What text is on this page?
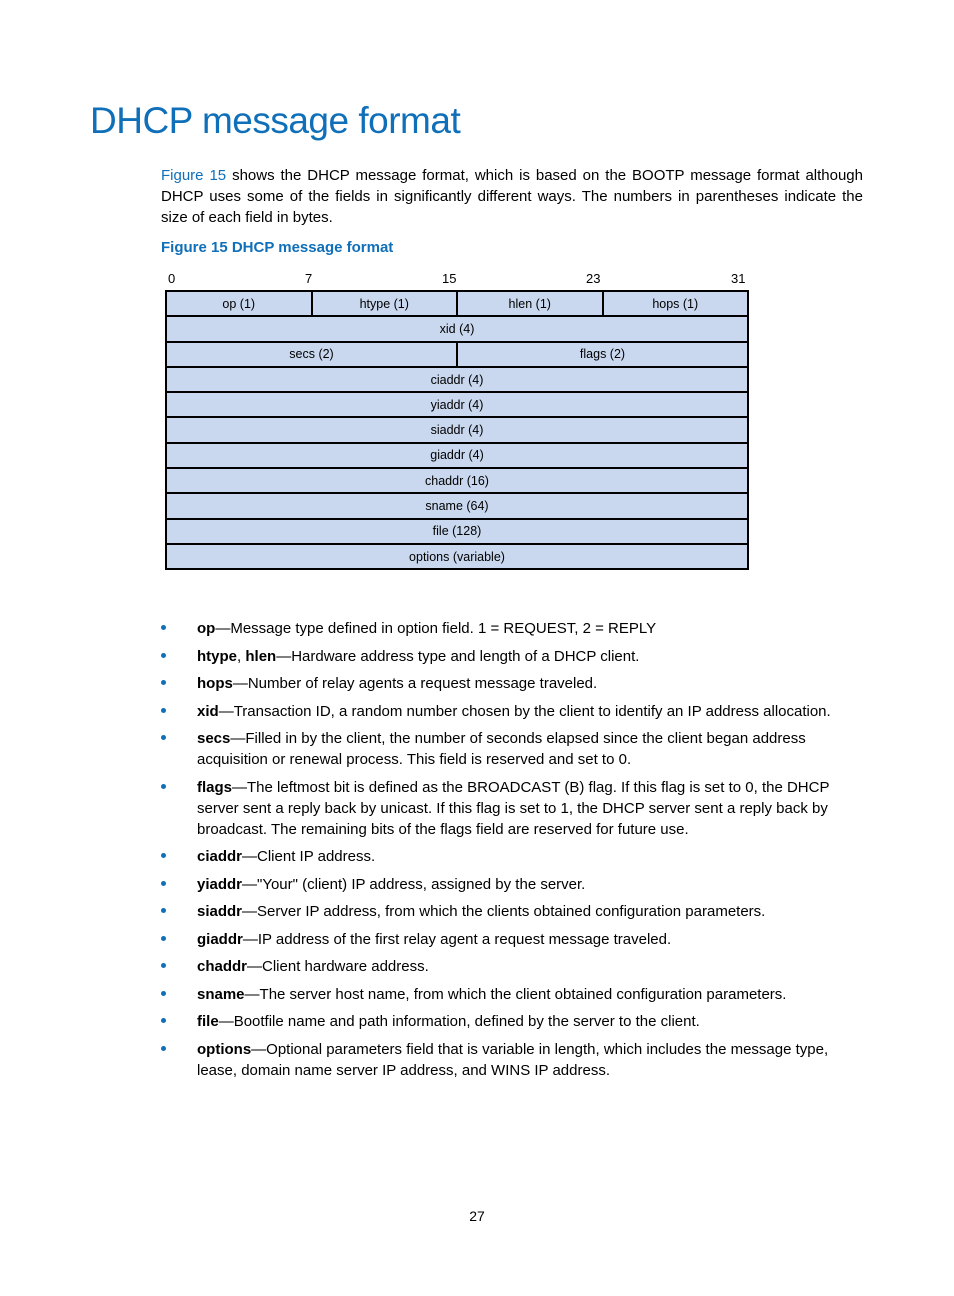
DHCP message format

Figure 15 shows the DHCP message format, which is based on the BOOTP message format although DHCP uses some of the fields in significantly different ways. The numbers in parentheses indicate the size of each field in bytes.

Figure 15 DHCP message format

0	7	15	23	31
op (1)	htype (1)	hlen (1)	hops (1)
xid (4)			
secs (2)		flags (2)	
ciaddr (4)			
yiaddr (4)			
siaddr (4)			
giaddr (4)			
chaddr (16)			
sname (64)			
file (128)			
options (variable)			
op—Message type defined in option field. 1 = REQUEST, 2 = REPLY
htype, hlen—Hardware address type and length of a DHCP client.
hops—Number of relay agents a request message traveled.
xid—Transaction ID, a random number chosen by the client to identify an IP address allocation.
secs—Filled in by the client, the number of seconds elapsed since the client began address acquisition or renewal process. This field is reserved and set to 0.
flags—The leftmost bit is defined as the BROADCAST (B) flag. If this flag is set to 0, the DHCP server sent a reply back by unicast. If this flag is set to 1, the DHCP server sent a reply back by broadcast. The remaining bits of the flags field are reserved for future use.
ciaddr—Client IP address.
yiaddr—"Your" (client) IP address, assigned by the server.
siaddr—Server IP address, from which the clients obtained configuration parameters.
giaddr—IP address of the first relay agent a request message traveled.
chaddr—Client hardware address.
sname—The server host name, from which the client obtained configuration parameters.
file—Bootfile name and path information, defined by the server to the client.
options—Optional parameters field that is variable in length, which includes the message type, lease, domain name server IP address, and WINS IP address.
27
